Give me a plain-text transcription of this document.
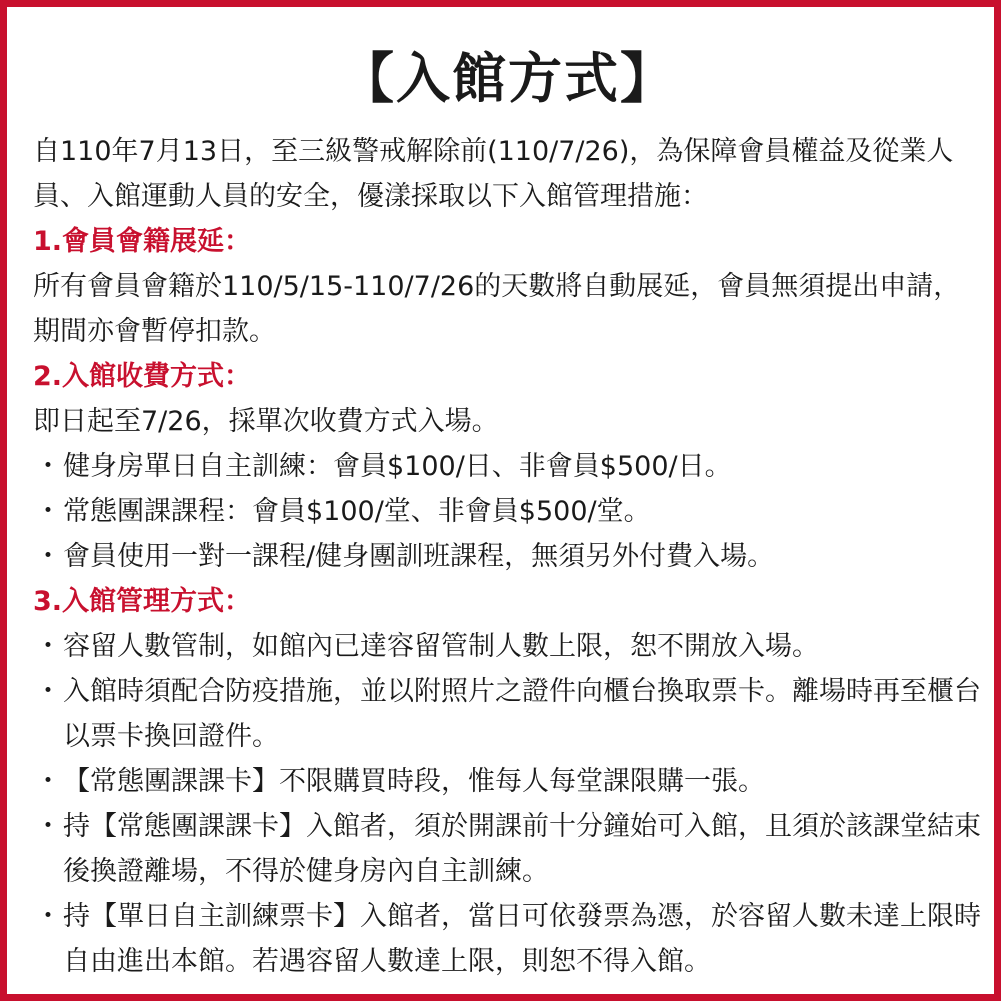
【入館方式】

自110年7月13日，至三級警戒解除前(110/7/26)，為保障會員權益及從業人員、入館運動人員的安全，優漾採取以下入館管理措施：

1.會員會籍展延：

所有會員會籍於110/5/15-110/7/26的天數將自動展延，會員無須提出申請，期間亦會暫停扣款。

2.入館收費方式：

即日起至7/26，採單次收費方式入場。

・ 健身房單日自主訓練：會員$100/日、非會員$500/日。
・ 常態團課課程：會員$100/堂、非會員$500/堂。
・ 會員使用一對一課程/健身團訓班課程，無須另外付費入場。

3.入館管理方式：

・ 容留人數管制，如館內已達容留管制人數上限，恕不開放入場。
・ 入館時須配合防疫措施，並以附照片之證件向櫃台換取票卡。離場時再至櫃台以票卡換回證件。
・ 【常態團課課卡】不限購買時段，惟每人每堂課限購一張。
・ 持【常態團課課卡】入館者，須於開課前十分鐘始可入館，且須於該課堂結束後換證離場，不得於健身房內自主訓練。
・ 持【單日自主訓練票卡】入館者，當日可依發票為憑，於容留人數未達上限時自由進出本館。若遇容留人數達上限，則恕不得入館。
